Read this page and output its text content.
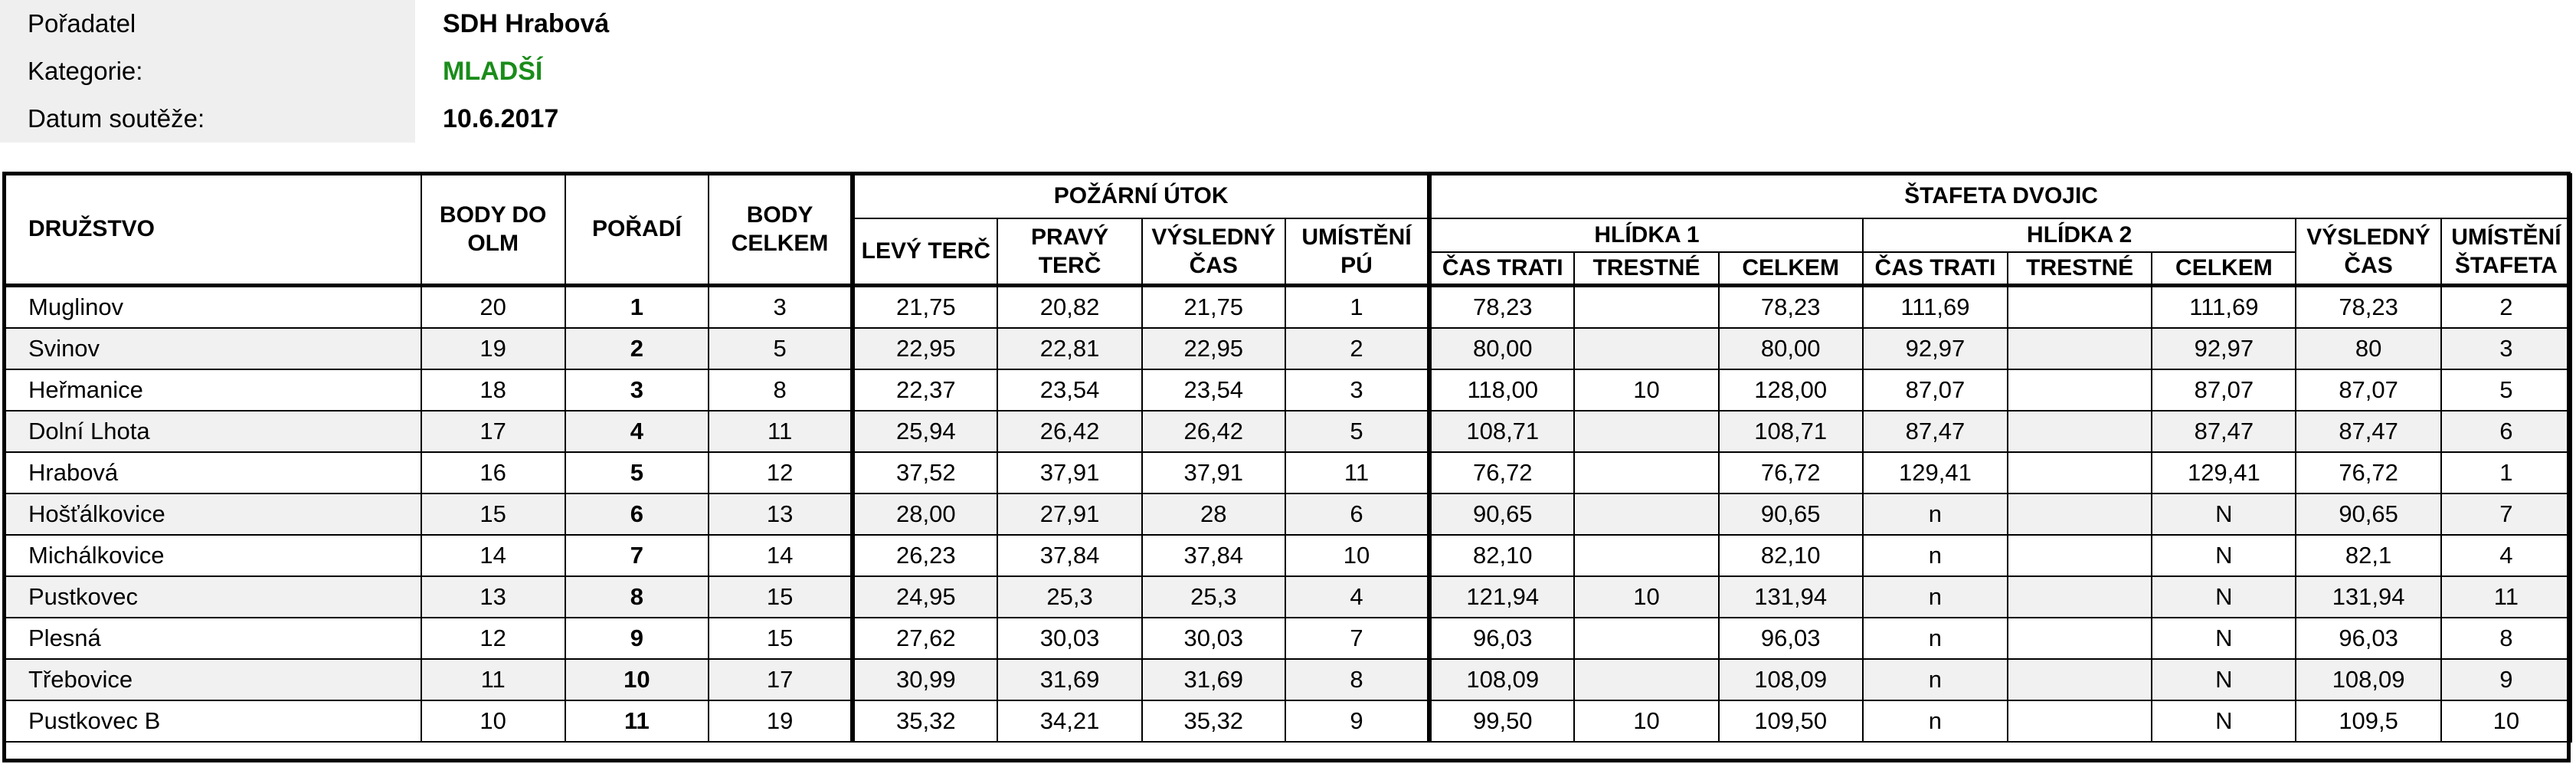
Pořadatel	SDH Hrabová
Kategorie:	MLADŠÍ
Datum soutěže:	10.6.2017
DRUŽSTVO	BODY DO OLM	POŘADÍ	BODY CELKEM	POŽÁRNÍ ÚTOK				ŠTAFETA DVOJIC							
				LEVÝ TERČ	PRAVÝ TERČ	VÝSLEDNÝ ČAS	UMÍSTĚNÍ PÚ	HLÍDKA 1			HLÍDKA 2			VÝSLEDNÝ ČAS	UMÍSTĚNÍ ŠTAFETA
								ČAS TRATI	TRESTNÉ	CELKEM	ČAS TRATI	TRESTNÉ	CELKEM		
Muglinov	20	1	3	21,75	20,82	21,75	1	78,23		78,23	111,69		111,69	78,23	2
Svinov	19	2	5	22,95	22,81	22,95	2	80,00		80,00	92,97		92,97	80	3
Heřmanice	18	3	8	22,37	23,54	23,54	3	118,00	10	128,00	87,07		87,07	87,07	5
Dolní Lhota	17	4	11	25,94	26,42	26,42	5	108,71		108,71	87,47		87,47	87,47	6
Hrabová	16	5	12	37,52	37,91	37,91	11	76,72		76,72	129,41		129,41	76,72	1
Hošťálkovice	15	6	13	28,00	27,91	28	6	90,65		90,65	n		N	90,65	7
Michálkovice	14	7	14	26,23	37,84	37,84	10	82,10		82,10	n		N	82,1	4
Pustkovec	13	8	15	24,95	25,3	25,3	4	121,94	10	131,94	n		N	131,94	11
Plesná	12	9	15	27,62	30,03	30,03	7	96,03		96,03	n		N	96,03	8
Třebovice	11	10	17	30,99	31,69	31,69	8	108,09		108,09	n		N	108,09	9
Pustkovec B	10	11	19	35,32	34,21	35,32	9	99,50	10	109,50	n		N	109,5	10
